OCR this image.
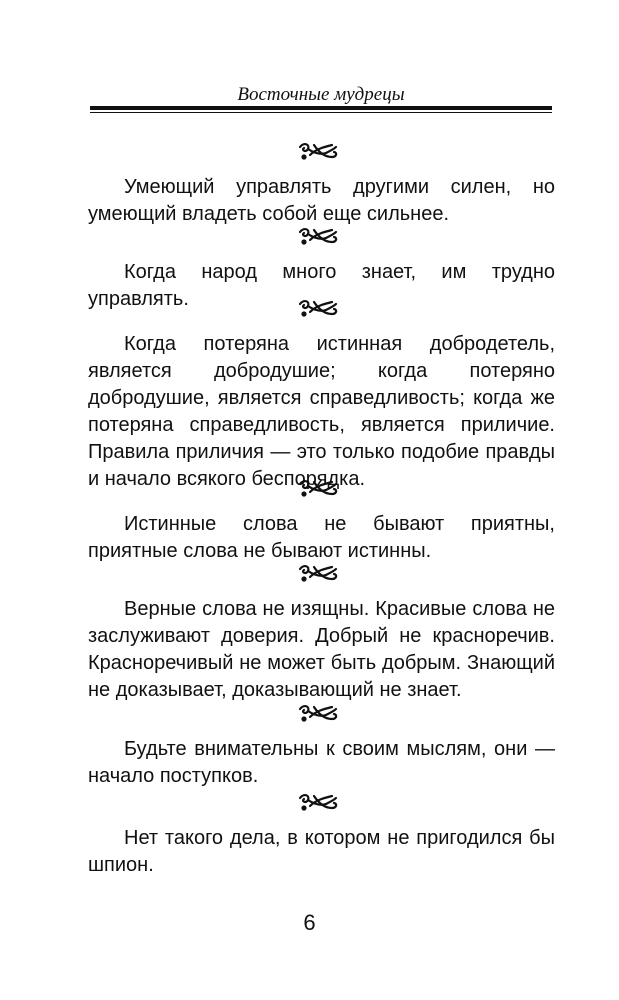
Восточные мудрецы

Умеющий управлять другими силен, но умеющий владеть собой еще сильнее.

Когда народ много знает, им трудно управлять.

Когда потеряна истинная добродетель, является добродушие; когда потеряно добродушие, является справедливость; когда же потеряна справедливость, является приличие. Правила приличия — это только подобие правды и начало всякого беспорядка.

Истинные слова не бывают приятны, приятные слова не бывают истинны.

Верные слова не изящны. Красивые слова не заслуживают доверия. Добрый не красноречив. Красноречивый не может быть добрым. Знающий не доказывает, доказывающий не знает.

Будьте внимательны к своим мыслям, они — начало поступков.

Нет такого дела, в котором не пригодился бы шпион.

6
